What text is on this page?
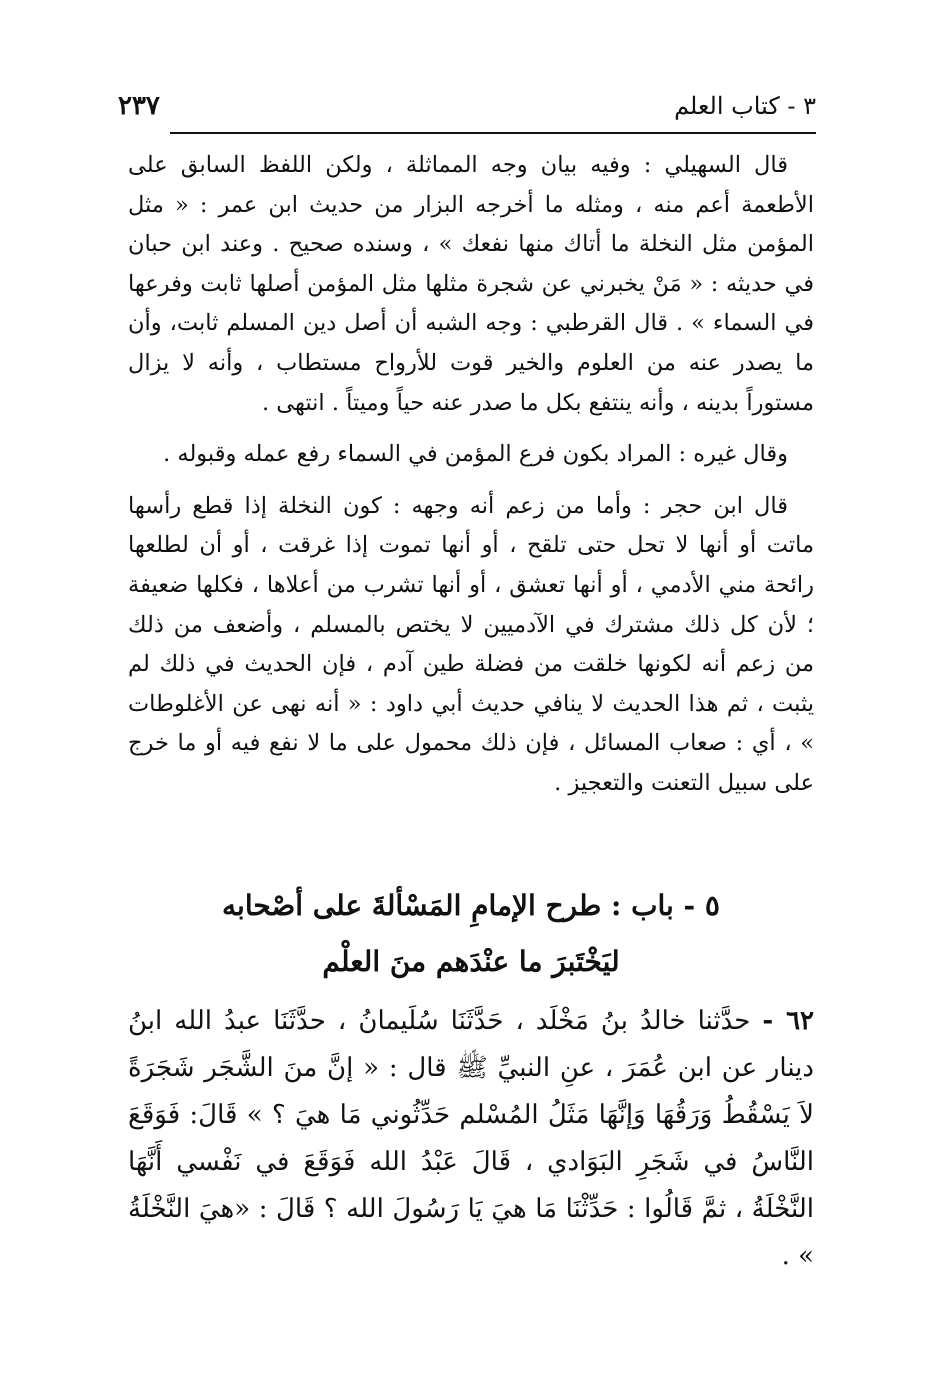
٣ - كتاب العلم
٢٣٧

قال السهيلي : وفيه بيان وجه المماثلة ، ولكن اللفظ السابق على الأطعمة أعم منه ، ومثله ما أخرجه البزار من حديث ابن عمر : « مثل المؤمن مثل النخلة ما أتاك منها نفعك » ، وسنده صحيح . وعند ابن حبان في حديثه : « مَنْ يخبرني عن شجرة مثلها مثل المؤمن أصلها ثابت وفرعها في السماء » . قال القرطبي : وجه الشبه أن أصل دين المسلم ثابت، وأن ما يصدر عنه من العلوم والخير قوت للأرواح مستطاب ، وأنه لا يزال مستوراً بدينه ، وأنه ينتفع بكل ما صدر عنه حياً وميتاً . انتهى .

وقال غيره : المراد بكون فرع المؤمن في السماء رفع عمله وقبوله .

قال ابن حجر : وأما من زعم أنه وجهه : كون النخلة إذا قطع رأسها ماتت أو أنها لا تحل حتى تلقح ، أو أنها تموت إذا غرقت ، أو أن لطلعها رائحة مني الأدمي ، أو أنها تعشق ، أو أنها تشرب من أعلاها ، فكلها ضعيفة ؛ لأن كل ذلك مشترك في الآدميين لا يختص بالمسلم ، وأضعف من ذلك من زعم أنه لكونها خلقت من فضلة طين آدم ، فإن الحديث في ذلك لم يثبت ، ثم هذا الحديث لا ينافي حديث أبي داود : « أنه نهى عن الأغلوطات » ، أي : صعاب المسائل ، فإن ذلك محمول على ما لا نفع فيه أو ما خرج على سبيل التعنت والتعجيز .

٥ - باب : طرح الإمامِ المَسْألةَ على أصْحابه
ليَخْتَبرَ ما عنْدَهم منَ العلْم

٦٢ - حدَّثنا خالدُ بنُ مَخْلَد ، حَدَّثَنَا سُلَيمانُ ، حدَّثَنَا عبدُ الله ابنُ دينار عن ابن عُمَرَ ، عنِ النبيِّ ﷺ قال : « إنَّ منَ الشَّجَر شَجَرَةً لاَ يَسْقُطُ وَرَقُهَا وَإنَّهَا مَثَلُ المُسْلم حَدِّثُوني مَا هيَ ؟ » قَالَ: فَوَقَعَ النَّاسُ في شَجَرِ البَوَادي ، قَالَ عَبْدُ الله فَوَقَعَ في نَفْسي أَنَّهَا النَّخْلَةُ ، ثمَّ قَالُوا : حَدِّثْنَا مَا هيَ يَا رَسُولَ الله ؟ قَالَ : «هيَ النَّخْلَةُ » .
